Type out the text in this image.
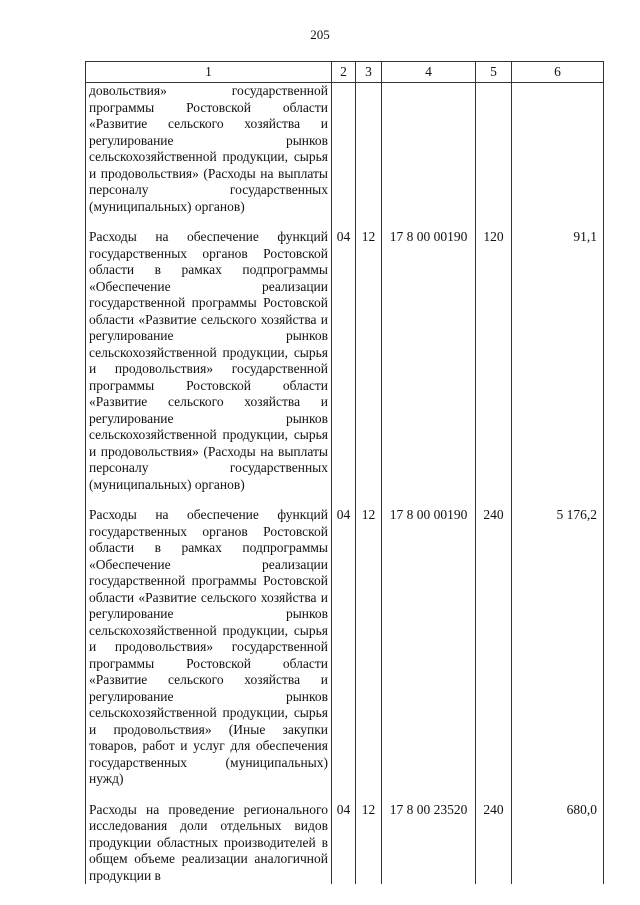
205
1	2	3	4	5	6
довольствия» государственной программы Ростовской области «Развитие сельского хозяйства и регулирование рынков сельскохозяйственной продукции, сырья и продовольствия» (Расходы на выплаты персоналу государственных (муниципальных) органов)					

Расходы на обеспечение функций государственных органов Ростовской области в рамках подпрограммы «Обеспечение реализации государственной программы Ростовской области «Развитие сельского хозяйства и регулирование рынков сельскохозяйственной продукции, сырья и продовольствия» государственной программы Ростовской области «Развитие сельского хозяйства и регулирование рынков сельскохозяйственной продукции, сырья и продовольствия» (Расходы на выплаты персоналу государственных (муниципальных) органов)	04	12	17 8 00 00190	120	91,1

Расходы на обеспечение функций государственных органов Ростовской области в рамках подпрограммы «Обеспечение реализации государственной программы Ростовской области «Развитие сельского хозяйства и регулирование рынков сельскохозяйственной продукции, сырья и продовольствия» государственной программы Ростовской области «Развитие сельского хозяйства и регулирование рынков сельскохозяйственной продукции, сырья и продовольствия» (Иные закупки товаров, работ и услуг для обеспечения государственных (муниципальных) нужд)	04	12	17 8 00 00190	240	5 176,2

Расходы на проведение регионального исследования доли отдельных видов продукции областных производителей в общем объеме реализации аналогичной продукции в	04	12	17 8 00 23520	240	680,0
